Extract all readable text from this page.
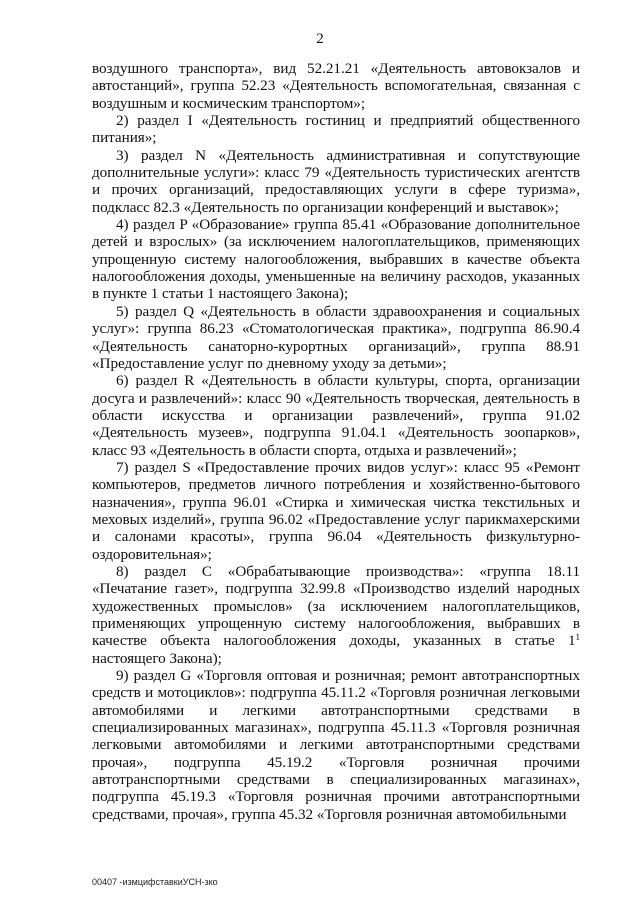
2

воздушного транспорта», вид 52.21.21 «Деятельность автовокзалов и автостанций», группа 52.23 «Деятельность вспомогательная, связанная с воздушным и космическим транспортом»;

2) раздел I «Деятельность гостиниц и предприятий общественного питания»;

3) раздел N «Деятельность административная и сопутствующие дополнительные услуги»: класс 79 «Деятельность туристических агентств и прочих организаций, предоставляющих услуги в сфере туризма», подкласс 82.3 «Деятельность по организации конференций и выставок»;

4) раздел P «Образование» группа 85.41 «Образование дополнительное детей и взрослых» (за исключением налогоплательщиков, применяющих упрощенную систему налогообложения, выбравших в качестве объекта налогообложения доходы, уменьшенные на величину расходов, указанных в пункте 1 статьи 1 настоящего Закона);

5) раздел Q «Деятельность в области здравоохранения и социальных услуг»: группа 86.23 «Стоматологическая практика», подгруппа 86.90.4 «Деятельность санаторно-курортных организаций», группа 88.91 «Предоставление услуг по дневному уходу за детьми»;

6) раздел R «Деятельность в области культуры, спорта, организации досуга и развлечений»: класс 90 «Деятельность творческая, деятельность в области искусства и организации развлечений», группа 91.02 «Деятельность музеев», подгруппа 91.04.1 «Деятельность зоопарков», класс 93 «Деятельность в области спорта, отдыха и развлечений»;

7) раздел S «Предоставление прочих видов услуг»: класс 95 «Ремонт компьютеров, предметов личного потребления и хозяйственно-бытового назначения», группа 96.01 «Стирка и химическая чистка текстильных и меховых изделий», группа 96.02 «Предоставление услуг парикмахерскими и салонами красоты», группа 96.04 «Деятельность физкультурно-оздоровительная»;

8) раздел C «Обрабатывающие производства»: «группа 18.11 «Печатание газет», подгруппа 32.99.8 «Производство изделий народных художественных промыслов» (за исключением налогоплательщиков, применяющих упрощенную систему налогообложения, выбравших в качестве объекта налогообложения доходы, указанных в статье $1^1$ настоящего Закона);

9) раздел G «Торговля оптовая и розничная; ремонт автотранспортных средств и мотоциклов»: подгруппа 45.11.2 «Торговля розничная легковыми автомобилями и легкими автотранспортными средствами в специализированных магазинах», подгруппа 45.11.3 «Торговля розничная легковыми автомобилями и легкими автотранспортными средствами прочая», подгруппа 45.19.2 «Торговля розничная прочими автотранспортными средствами в специализированных магазинах», подгруппа 45.19.3 «Торговля розничная прочими автотранспортными средствами, прочая», группа 45.32 «Торговля розничная автомобильными

00407 -измцифставкиУСН-зко
